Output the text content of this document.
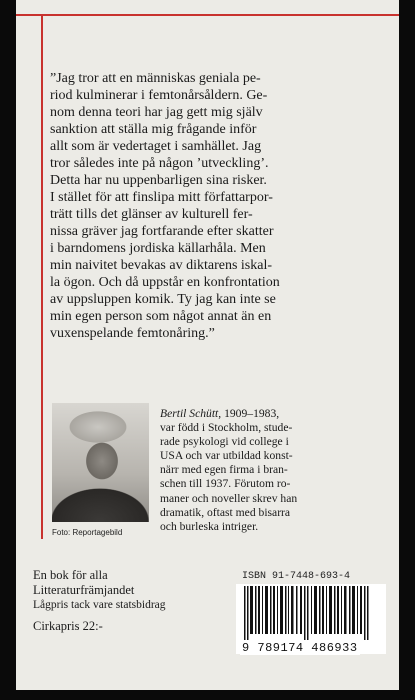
”Jag tror att en människas geniala pe-
riod kulminerar i femtonårsåldern. Ge-
nom denna teori har jag gett mig själv
sanktion att ställa mig frågande inför
allt som är vedertaget i samhället. Jag
tror således inte på någon ’utveckling’.
Detta har nu uppenbarligen sina risker.
I stället för att finslipa mitt författarpor-
trätt tills det glänser av kulturell fer-
nissa gräver jag fortfarande efter skatter
i barndomens jordiska källarhåla. Men
min naivitet bevakas av diktarens iskal-
la ögon. Och då uppstår en konfrontation
av uppsluppen komik. Ty jag kan inte se
min egen person som något annat än en
vuxenspelande femtonåring.”
Foto: Reportagebild
Bertil Schütt, 1909–1983,
var född i Stockholm, stude-
rade psykologi vid college i
USA och var utbildad konst-
närr med egen firma i bran-
schen till 1937. Förutom ro-
maner och noveller skrev han
dramatik, oftast med bisarra
och burleska intriger.
En bok för alla
Litteraturfrämjandet
Lågpris tack vare statsbidrag
Cirkapris 22:-
ISBN 91-7448-693-4
9 789174 486933
